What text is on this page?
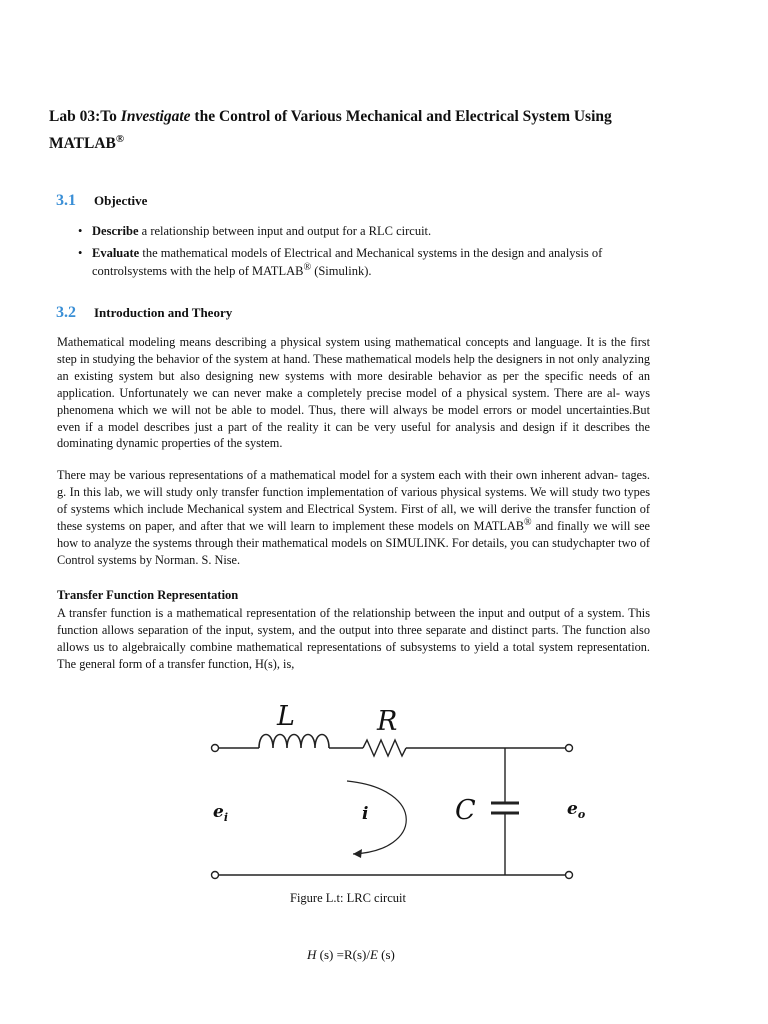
Lab 03:To Investigate the Control of Various Mechanical and Electrical System Using
MATLAB®
3.1 Objective
• Describe a relationship between input and output for a RLC circuit.
• Evaluate the mathematical models of Electrical and Mechanical systems in the design and analysis of controlsystems with the help of MATLAB® (Simulink).
3.2 Introduction and Theory

Mathematical modeling means describing a physical system using mathematical concepts and language. It is the first step in studying the behavior of the system at hand. These mathematical models help the designers in not only analyzing an existing system but also designing new systems with more desirable behavior as per the specific needs of an application. Unfortunately we can never make a completely precise model of a physical system. There are al- ways phenomena which we will not be able to model. Thus, there will always be model errors or model uncertainties.But even if a model describes just a part of the reality it can be very useful for analysis and design if it describes the dominating dynamic properties of the system.

There may be various representations of a mathematical model for a system each with their own inherent advan- tages. g. In this lab, we will study only transfer function implementation of various physical systems. We will study two types of systems which include Mechanical system and Electrical System. First of all, we will derive the transfer function of these systems on paper, and after that we will learn to implement these models on MATLAB® and finally we will see how to analyze the systems through their mathematical models on SIMULINK. For details, you can studychapter two of Control systems by Norman. S. Nise.

Transfer Function Representation

A transfer function is a mathematical representation of the relationship between the input and output of a system. This function allows separation of the input, system, and the output into three separate and distinct parts. The function also allows us to algebraically combine mathematical representations of subsystems to yield a total system representation. The general form of a transfer function, H(s), is,

L	R
C
i
$e_i$	$e_o$
Figure L.t: LRC circuit
H (s) =R(s)/E (s)
